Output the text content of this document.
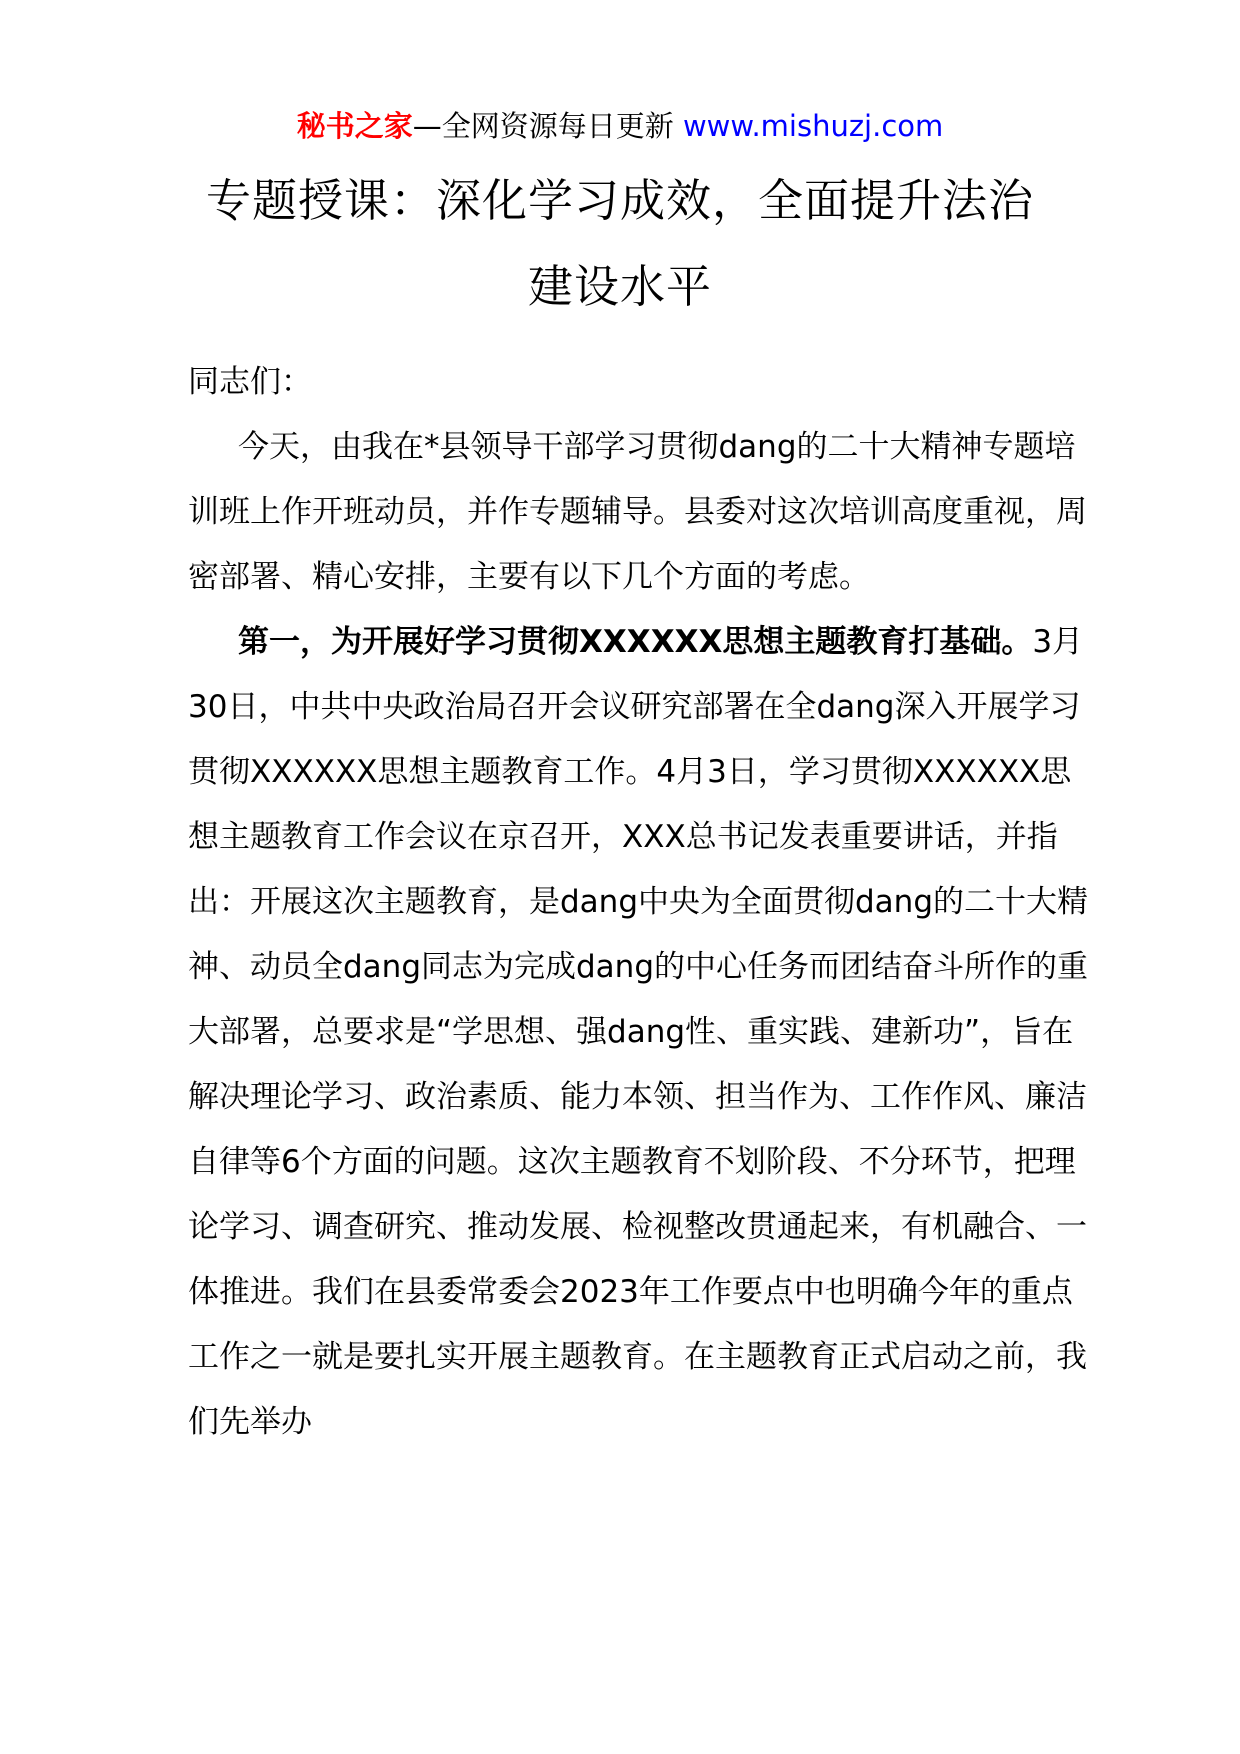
秘书之家—全网资源每日更新 www.mishuzj.com
专题授课：深化学习成效，全面提升法治
建设水平

同志们：

今天，由我在*县领导干部学习贯彻dang的二十大精神专题培训班上作开班动员，并作专题辅导。县委对这次培训高度重视，周密部署、精心安排，主要有以下几个方面的考虑。

第一，为开展好学习贯彻XXXXXX思想主题教育打基础。3月30日，中共中央政治局召开会议研究部署在全dang深入开展学习贯彻XXXXXX思想主题教育工作。4月3日，学习贯彻XXXXXX思想主题教育工作会议在京召开，XXX总书记发表重要讲话，并指出：开展这次主题教育，是dang中央为全面贯彻dang的二十大精神、动员全dang同志为完成dang的中心任务而团结奋斗所作的重大部署，总要求是“学思想、强dang性、重实践、建新功”，旨在解决理论学习、政治素质、能力本领、担当作为、工作作风、廉洁自律等6个方面的问题。这次主题教育不划阶段、不分环节，把理论学习、调查研究、推动发展、检视整改贯通起来，有机融合、一体推进。我们在县委常委会2023年工作要点中也明确今年的重点工作之一就是要扎实开展主题教育。在主题教育正式启动之前，我们先举办
